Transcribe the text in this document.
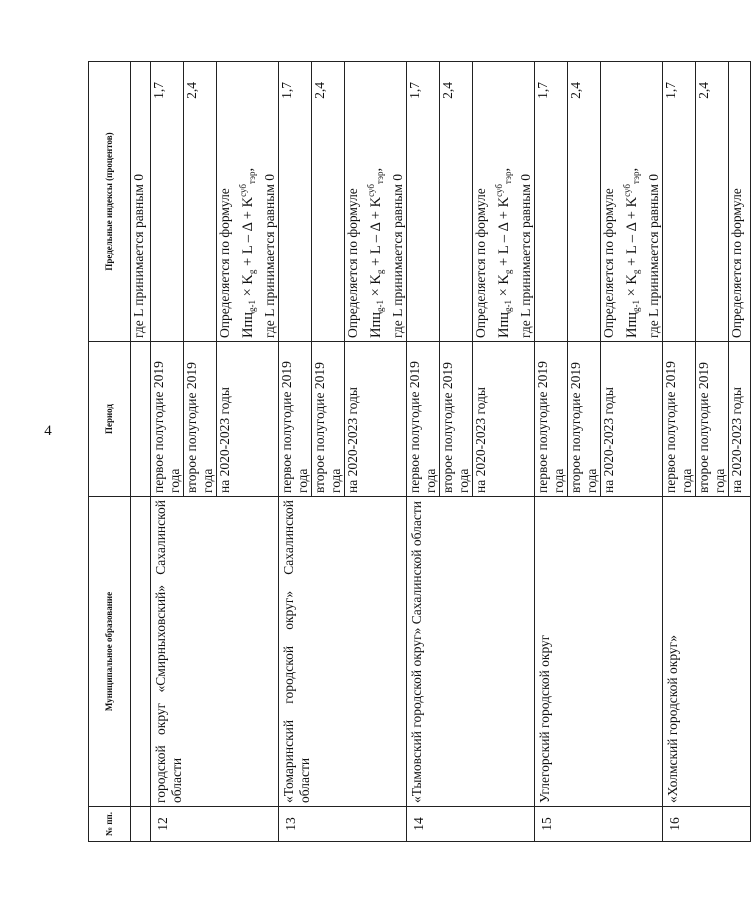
4
№ пп.	Муниципальное образование	Период	Предельные индексы (процентов)
			где L принимается равным 0
12	городской округ «Смирныховский» Сахалинской области	первое полугодие 2019 года	1,7
		второе полугодие 2019 года	2,4
		на 2020-2023 годы	Определяется по формуле $Ипц_{g-1} \times K_g + L - \Delta + K^{суб}_{тэр}$,
где L принимается равным 0

13	«Томаринский городской округ» Сахалинской области	первое полугодие 2019 года	1,7
		второе полугодие 2019 года	2,4
		на 2020-2023 годы	Определяется по формуле $Ипц_{g-1} \times K_g + L - \Delta + K^{суб}_{тэр}$,
где L принимается равным 0

14	«Тымовский городской округ» Сахалинской области	первое полугодие 2019 года	1,7
		второе полугодие 2019 года	2,4
		на 2020-2023 годы	Определяется по формуле $Ипц_{g-1} \times K_g + L - \Delta + K^{суб}_{тэр}$,
где L принимается равным 0

15	Углегорский городской округ	первое полугодие 2019 года	1,7
		второе полугодие 2019 года	2,4
		на 2020-2023 годы	Определяется по формуле $Ипц_{g-1} \times K_g + L - \Delta + K^{суб}_{тэр}$,
где L принимается равным 0

16	«Холмский городской округ»	первое полугодие 2019 года	1,7
		второе полугодие 2019 года	2,4
		на 2020-2023 годы	Определяется по формуле
